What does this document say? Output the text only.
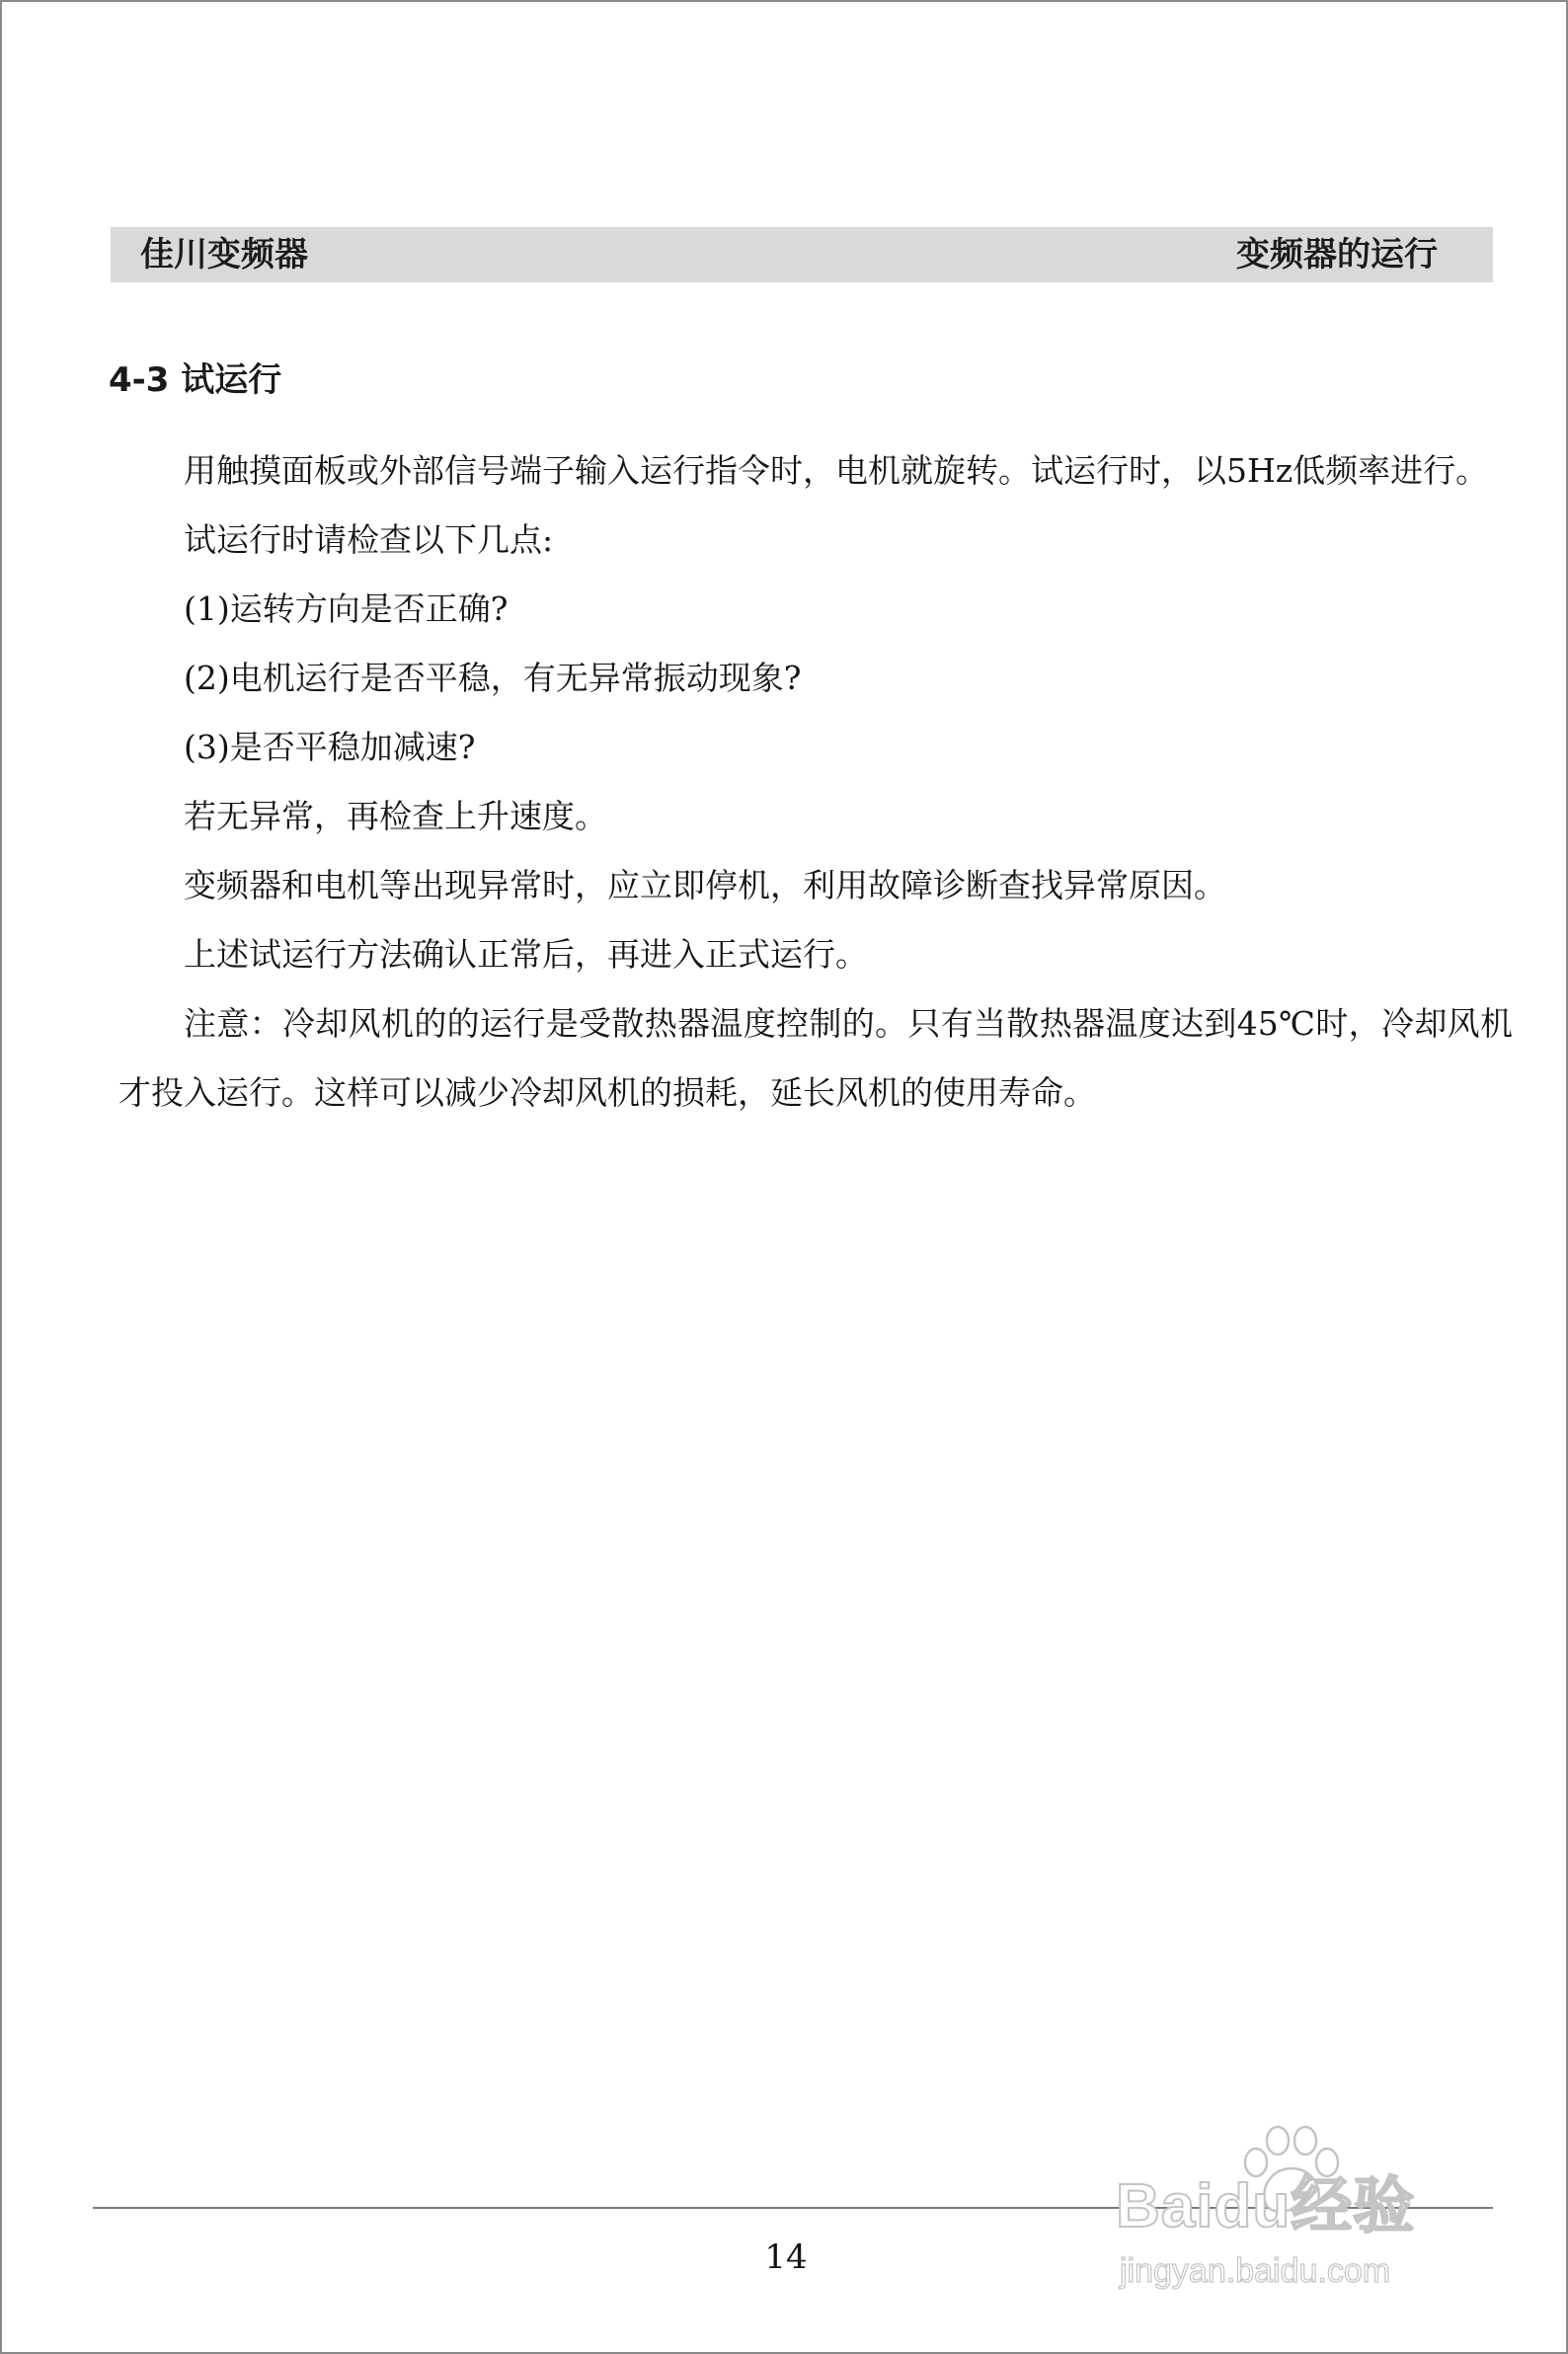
佳川变频器	变频器的运行
4-3 试运行

用触摸面板或外部信号端子输入运行指令时，电机就旋转。试运行时，以5Hz低频率进行。

试运行时请检查以下几点:

(1)运转方向是否正确?

(2)电机运行是否平稳，有无异常振动现象?

(3)是否平稳加减速?

若无异常，再检查上升速度。

变频器和电机等出现异常时，应立即停机，利用故障诊断查找异常原因。

上述试运行方法确认正常后，再进入正式运行。

注意：冷却风机的的运行是受散热器温度控制的。只有当散热器温度达到45℃时，冷却风机才投入运行。这样可以减少冷却风机的损耗，延长风机的使用寿命。

14
Baidu经验
jingyan.baidu.com
